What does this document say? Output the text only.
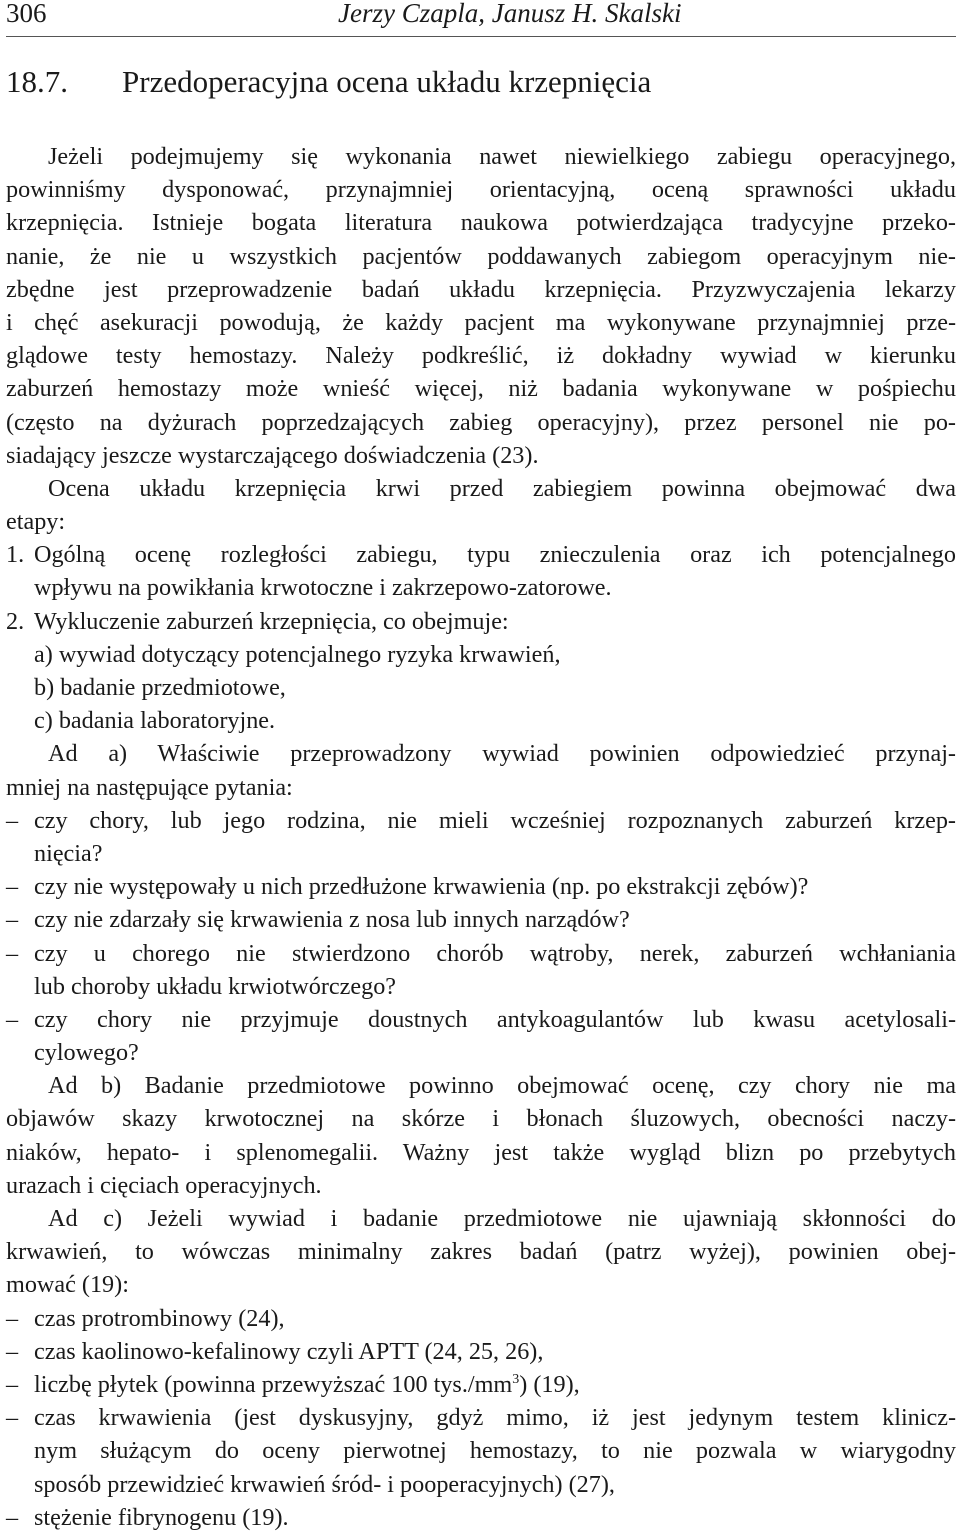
306	Jerzy Czapla, Janusz H. Skalski
18.7. Przedoperacyjna ocena układu krzepnięcia
Jeżeli podejmujemy się wykonania nawet niewielkiego zabiegu operacyjnego,
powinniśmy dysponować, przynajmniej orientacyjną, oceną sprawności układu
krzepnięcia. Istnieje bogata literatura naukowa potwierdzająca tradycyjne przeko-
nanie, że nie u wszystkich pacjentów poddawanych zabiegom operacyjnym nie-
zbędne jest przeprowadzenie badań układu krzepnięcia. Przyzwyczajenia lekarzy
i chęć asekuracji powodują, że każdy pacjent ma wykonywane przynajmniej prze-
glądowe testy hemostazy. Należy podkreślić, iż dokładny wywiad w kierunku
zaburzeń hemostazy może wnieść więcej, niż badania wykonywane w pośpiechu
(często na dyżurach poprzedzających zabieg operacyjny), przez personel nie po-
siadający jeszcze wystarczającego doświadczenia (23).
Ocena układu krzepnięcia krwi przed zabiegiem powinna obejmować dwa
etapy:
1. Ogólną ocenę rozległości zabiegu, typu znieczulenia oraz ich potencjalnego
wpływu na powikłania krwotoczne i zakrzepowo-zatorowe.
2. Wykluczenie zaburzeń krzepnięcia, co obejmuje:
a) wywiad dotyczący potencjalnego ryzyka krwawień,
b) badanie przedmiotowe,
c) badania laboratoryjne.
Ad a) Właściwie przeprowadzony wywiad powinien odpowiedzieć przynaj-
mniej na następujące pytania:
– czy chory, lub jego rodzina, nie mieli wcześniej rozpoznanych zaburzeń krzep-
nięcia?
– czy nie występowały u nich przedłużone krwawienia (np. po ekstrakcji zębów)?
– czy nie zdarzały się krwawienia z nosa lub innych narządów?
– czy u chorego nie stwierdzono chorób wątroby, nerek, zaburzeń wchłaniania
lub choroby układu krwiotwórczego?
– czy chory nie przyjmuje doustnych antykoagulantów lub kwasu acetylosali-
cylowego?
Ad b) Badanie przedmiotowe powinno obejmować ocenę, czy chory nie ma
objawów skazy krwotocznej na skórze i błonach śluzowych, obecności naczy-
niaków, hepato- i splenomegalii. Ważny jest także wygląd blizn po przebytych
urazach i cięciach operacyjnych.
Ad c) Jeżeli wywiad i badanie przedmiotowe nie ujawniają skłonności do
krwawień, to wówczas minimalny zakres badań (patrz wyżej), powinien obej-
mować (19):
– czas protrombinowy (24),
– czas kaolinowo-kefalinowy czyli APTT (24, 25, 26),
– liczbę płytek (powinna przewyższać 100 $tys./mm^3$) (19),
– czas krwawienia (jest dyskusyjny, gdyż mimo, iż jest jedynym testem klinicz-
nym służącym do oceny pierwotnej hemostazy, to nie pozwala w wiarygodny
sposób przewidzieć krwawień śród- i pooperacyjnych) (27),
– stężenie fibrynogenu (19).
